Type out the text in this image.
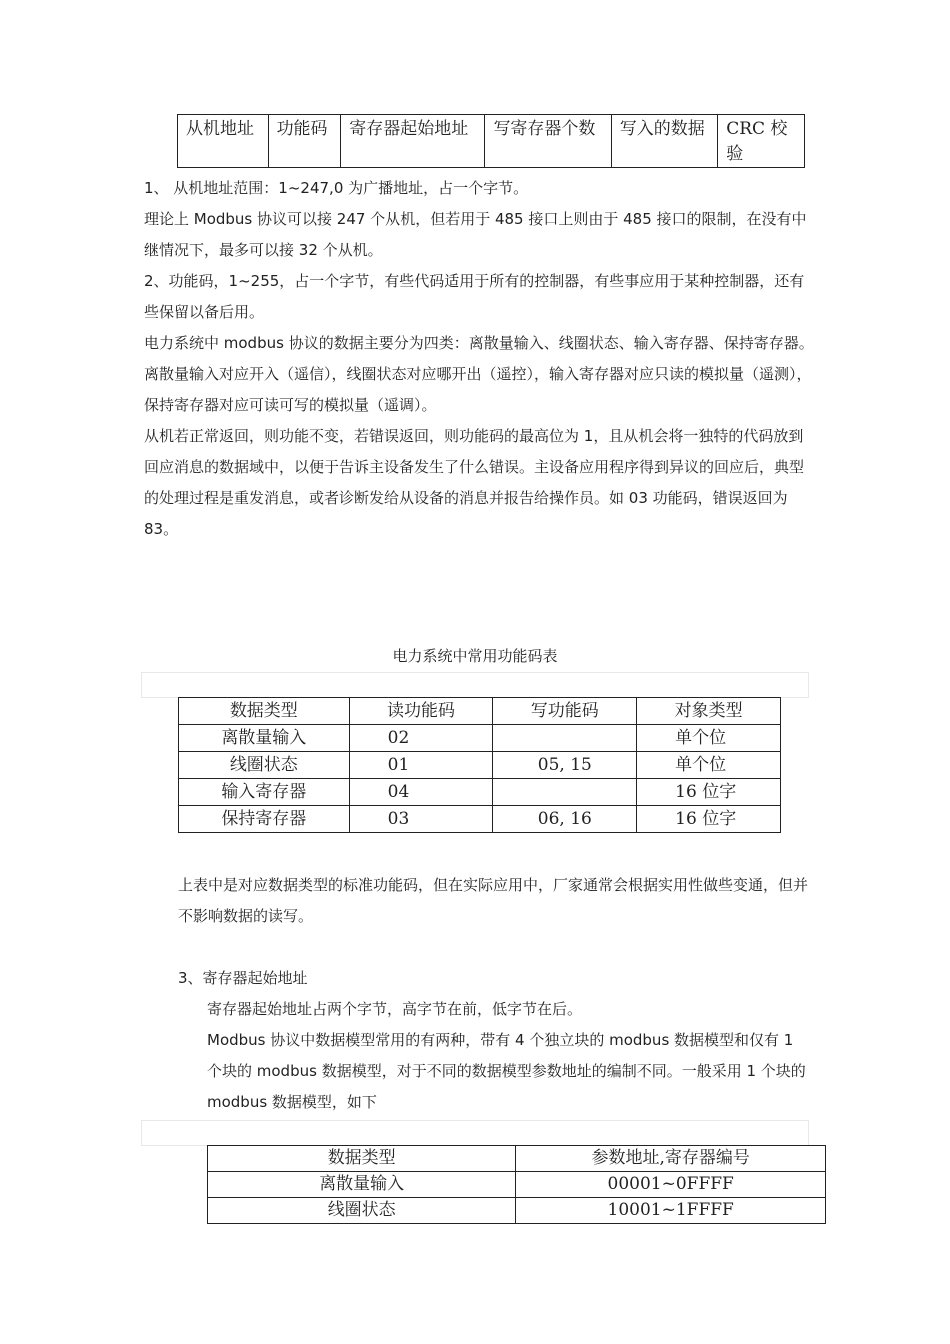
从机地址	功能码	寄存器起始地址	写寄存器个数	写入的数据	CRC 校验
1、 从机地址范围：1~247,0 为广播地址，占一个字节。
理论上 Modbus 协议可以接 247 个从机，但若用于 485 接口上则由于 485 接口的限制，在没有中继情况下，最多可以接 32 个从机。
2、功能码，1~255，占一个字节，有些代码适用于所有的控制器，有些事应用于某种控制器，还有些保留以备后用。
电力系统中 modbus 协议的数据主要分为四类：离散量输入、线圈状态、输入寄存器、保持寄存器。离散量输入对应开入（遥信），线圈状态对应哪开出（遥控），输入寄存器对应只读的模拟量（遥测），保持寄存器对应可读可写的模拟量（遥调）。
从机若正常返回，则功能不变，若错误返回，则功能码的最高位为 1，且从机会将一独特的代码放到回应消息的数据域中，以便于告诉主设备发生了什么错误。主设备应用程序得到异议的回应后，典型的处理过程是重发消息，或者诊断发给从设备的消息并报告给操作员。如 03 功能码，错误返回为 83。
电力系统中常用功能码表
数据类型	读功能码	写功能码	对象类型
离散量输入	02		单个位
线圈状态	01	05, 15	单个位
输入寄存器	04		16 位字
保持寄存器	03	06, 16	16 位字
上表中是对应数据类型的标准功能码，但在实际应用中，厂家通常会根据实用性做些变通，但并不影响数据的读写。
3、寄存器起始地址
寄存器起始地址占两个字节，高字节在前，低字节在后。
Modbus 协议中数据模型常用的有两种，带有 4 个独立块的 modbus 数据模型和仅有 1 个块的 modbus 数据模型，对于不同的数据模型参数地址的编制不同。一般采用 1 个块的 modbus 数据模型，如下
数据类型	参数地址,寄存器编号
离散量输入	00001~0FFFF
线圈状态	10001~1FFFF
